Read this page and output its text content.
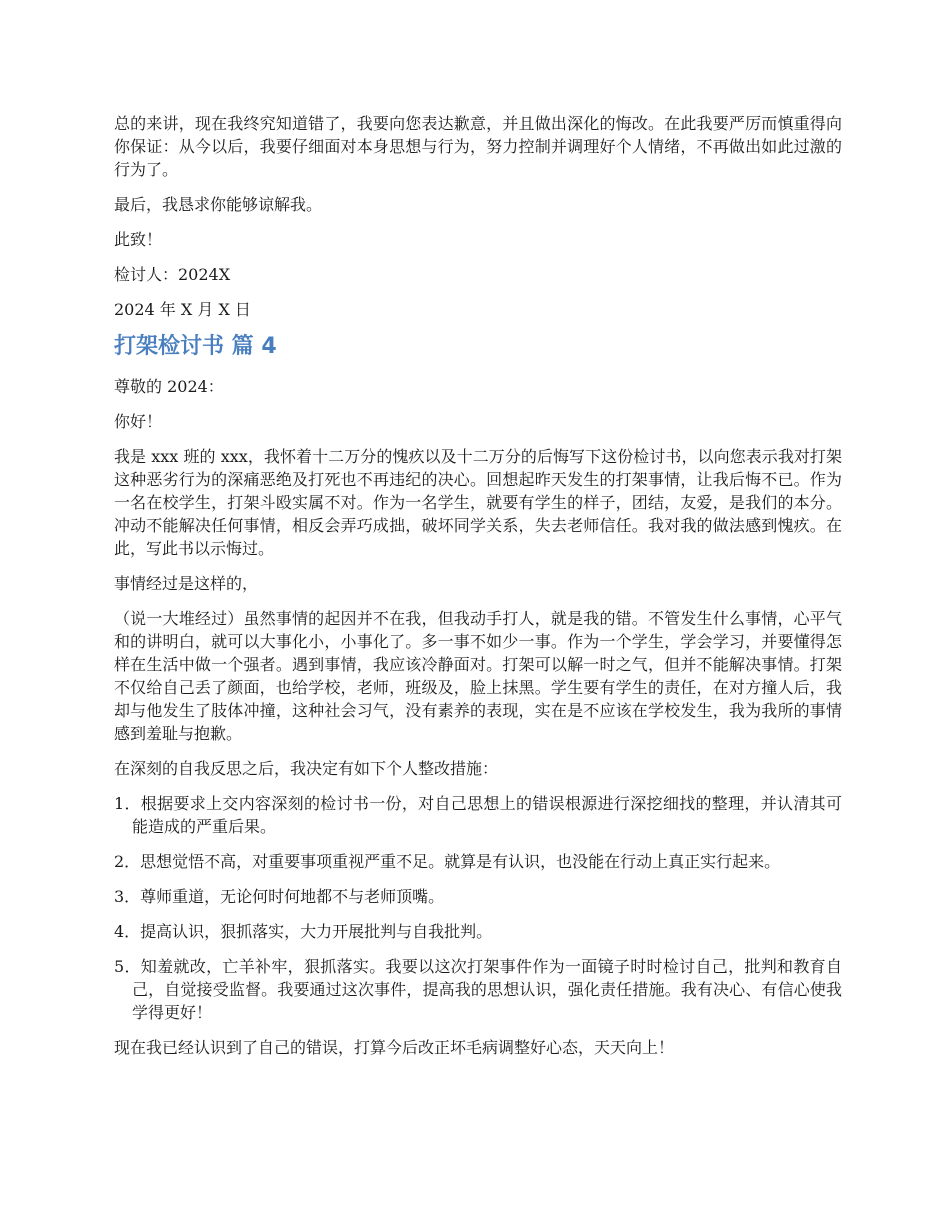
总的来讲，现在我终究知道错了，我要向您表达歉意，并且做出深化的悔改。在此我要严厉而慎重得向你保证：从今以后，我要仔细面对本身思想与行为，努力控制并调理好个人情绪，不再做出如此过激的行为了。

最后，我恳求你能够谅解我。

此致！

检讨人：2024X

2024 年 X 月 X 日

打架检讨书 篇 4

尊敬的 2024：

你好！

我是 xxx 班的 xxx，我怀着十二万分的愧疚以及十二万分的后悔写下这份检讨书，以向您表示我对打架这种恶劣行为的深痛恶绝及打死也不再违纪的决心。回想起昨天发生的打架事情，让我后悔不已。作为一名在校学生，打架斗殴实属不对。作为一名学生，就要有学生的样子，团结，友爱，是我们的本分。冲动不能解决任何事情，相反会弄巧成拙，破坏同学关系，失去老师信任。我对我的做法感到愧疚。在此，写此书以示悔过。

事情经过是这样的，

（说一大堆经过）虽然事情的起因并不在我，但我动手打人，就是我的错。不管发生什么事情，心平气和的讲明白，就可以大事化小，小事化了。多一事不如少一事。作为一个学生，学会学习，并要懂得怎样在生活中做一个强者。遇到事情，我应该冷静面对。打架可以解一时之气，但并不能解决事情。打架不仅给自己丢了颜面，也给学校，老师，班级及，脸上抹黑。学生要有学生的责任，在对方撞人后，我却与他发生了肢体冲撞，这种社会习气，没有素养的表现，实在是不应该在学校发生，我为我所的事情感到羞耻与抱歉。

在深刻的自我反思之后，我决定有如下个人整改措施：

1．根据要求上交内容深刻的检讨书一份，对自己思想上的错误根源进行深挖细找的整理，并认清其可能造成的严重后果。

2．思想觉悟不高，对重要事项重视严重不足。就算是有认识，也没能在行动上真正实行起来。

3．尊师重道，无论何时何地都不与老师顶嘴。

4．提高认识，狠抓落实，大力开展批判与自我批判。

5．知羞就改，亡羊补牢，狠抓落实。我要以这次打架事件作为一面镜子时时检讨自己，批判和教育自己，自觉接受监督。我要通过这次事件，提高我的思想认识，强化责任措施。我有决心、有信心使我学得更好！

现在我已经认识到了自己的错误，打算今后改正坏毛病调整好心态，天天向上！
